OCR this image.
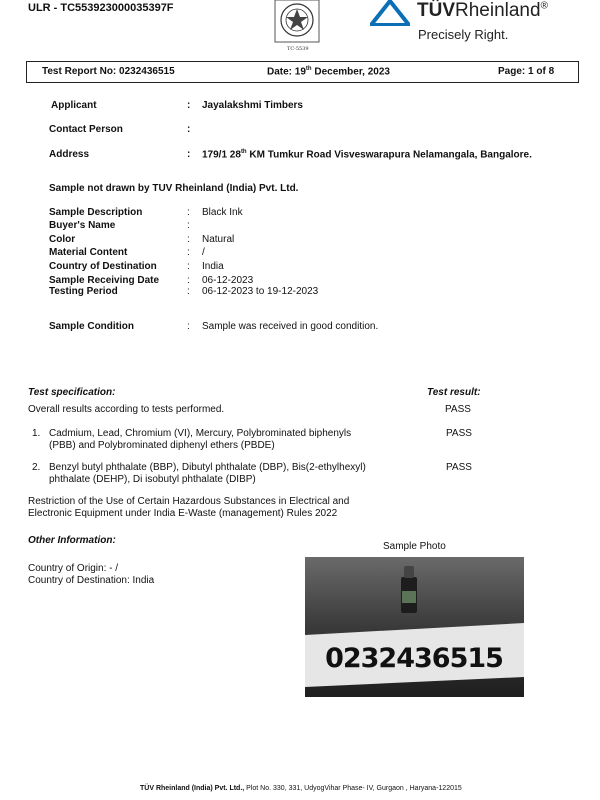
ULR - TC553923000035397F
TC-5539
TÜVRheinland®
Precisely Right.
Test Report No: 0232436515	Date: 19th December, 2023	Page: 1 of 8
Applicant	: Jayalakshmi Timbers
Contact Person	:
Address	: 179/1 28th KM Tumkur Road Visveswarapura Nelamangala, Bangalore.
Sample not drawn by TUV Rheinland (India) Pvt. Ltd.
Sample Description	: Black Ink
Buyer's Name	:
Color	: Natural
Material Content	: /
Country of Destination	: India
Sample Receiving Date	: 06-12-2023
Testing Period	: 06-12-2023 to 19-12-2023
Sample Condition	: Sample was received in good condition.
Test specification:	Test result:
Overall results according to tests performed.	PASS
1. Cadmium, Lead, Chromium (VI), Mercury, Polybrominated biphenyls
(PBB) and Polybrominated diphenyl ethers (PBDE)
PASS
2. Benzyl butyl phthalate (BBP), Dibutyl phthalate (DBP), Bis(2-ethylhexyl)
phthalate (DEHP), Di isobutyl phthalate (DIBP)
PASS
Restriction of the Use of Certain Hazardous Substances in Electrical and
Electronic Equipment under India E-Waste (management) Rules 2022
Other Information:
Country of Origin: - /
Country of Destination: India
Sample Photo
0232436515
TÜV Rheinland (India) Pvt. Ltd., Plot No. 330, 331, UdyogVihar Phase- IV, Gurgaon , Haryana-122015
